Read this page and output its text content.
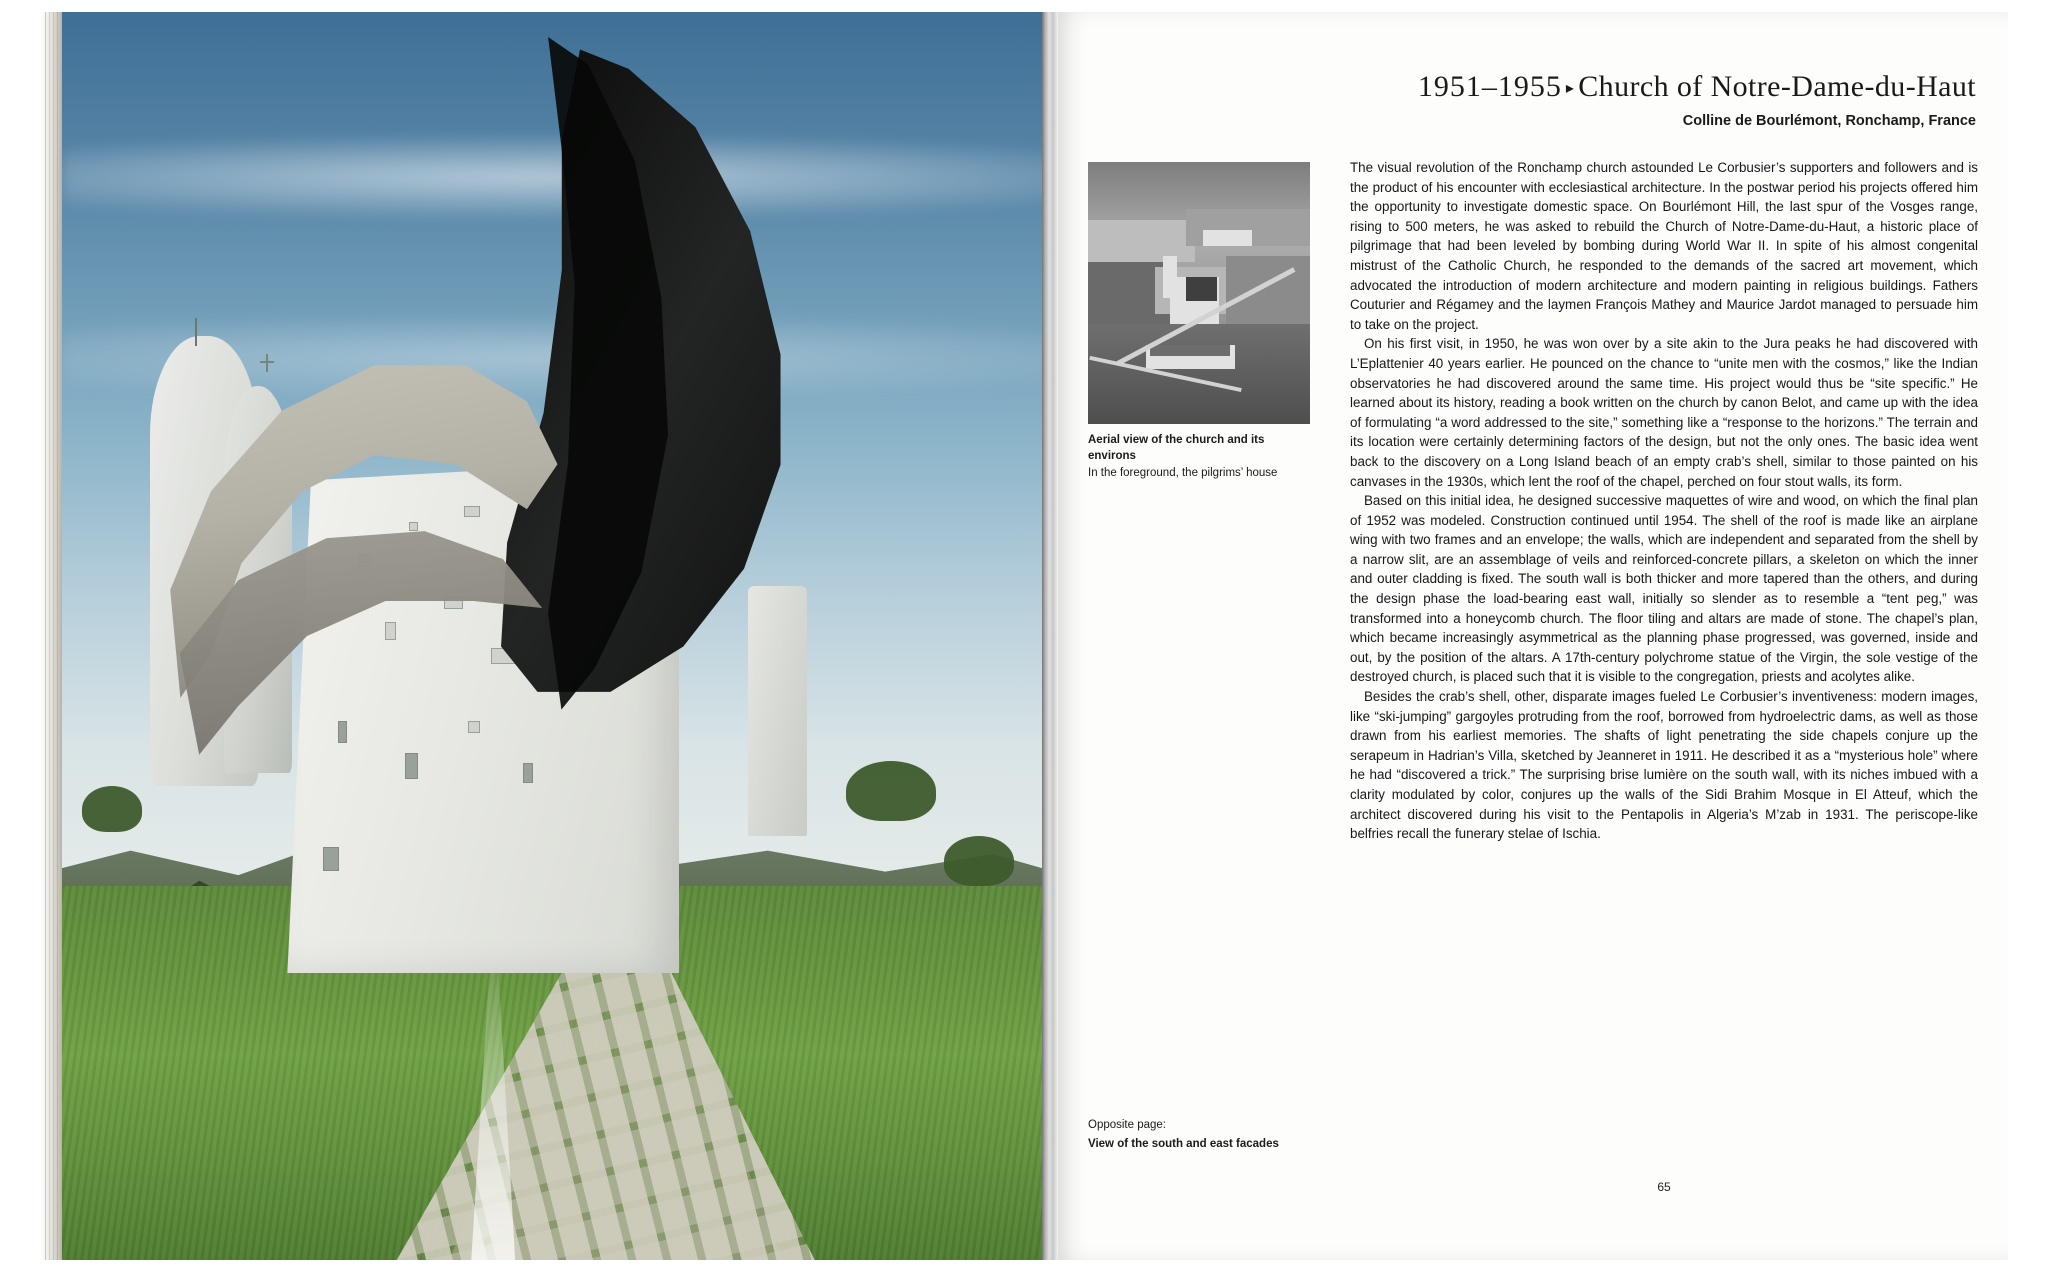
1951–1955 ▸ Church of Notre-Dame-du-Haut
Colline de Bourlémont, Ronchamp, France
Aerial view of the church and its environs
In the foreground, the pilgrims’ house
Opposite page:
View of the south and east facades

The visual revolution of the Ronchamp church astounded Le Corbusier’s supporters and followers and is the product of his encounter with ecclesiastical architecture. In the postwar period his projects offered him the opportunity to investigate domestic space. On Bourlémont Hill, the last spur of the Vosges range, rising to 500 meters, he was asked to rebuild the Church of Notre-Dame-du-Haut, a historic place of pilgrimage that had been leveled by bombing during World War II. In spite of his almost congenital mistrust of the Catholic Church, he responded to the demands of the sacred art movement, which advocated the introduction of modern architecture and modern painting in religious buildings. Fathers Couturier and Régamey and the laymen François Mathey and Maurice Jardot managed to persuade him to take on the project.

On his first visit, in 1950, he was won over by a site akin to the Jura peaks he had discovered with L’Eplattenier 40 years earlier. He pounced on the chance to “unite men with the cosmos,” like the Indian observatories he had discovered around the same time. His project would thus be “site specific.” He learned about its history, reading a book written on the church by canon Belot, and came up with the idea of formulating “a word addressed to the site,” something like a “response to the horizons.” The terrain and its location were certainly determining factors of the design, but not the only ones. The basic idea went back to the discovery on a Long Island beach of an empty crab’s shell, similar to those painted on his canvases in the 1930s, which lent the roof of the chapel, perched on four stout walls, its form.

Based on this initial idea, he designed successive maquettes of wire and wood, on which the final plan of 1952 was modeled. Construction continued until 1954. The shell of the roof is made like an airplane wing with two frames and an envelope; the walls, which are independent and separated from the shell by a narrow slit, are an assemblage of veils and reinforced-concrete pillars, a skeleton on which the inner and outer cladding is fixed. The south wall is both thicker and more tapered than the others, and during the design phase the load-bearing east wall, initially so slender as to resemble a “tent peg,” was transformed into a honeycomb church. The floor tiling and altars are made of stone. The chapel’s plan, which became increasingly asymmetrical as the planning phase progressed, was governed, inside and out, by the position of the altars. A 17th-century polychrome statue of the Virgin, the sole vestige of the destroyed church, is placed such that it is visible to the congregation, priests and acolytes alike.

Besides the crab’s shell, other, disparate images fueled Le Corbusier’s inventiveness: modern images, like “ski-jumping” gargoyles protruding from the roof, borrowed from hydroelectric dams, as well as those drawn from his earliest memories. The shafts of light penetrating the side chapels conjure up the serapeum in Hadrian’s Villa, sketched by Jeanneret in 1911. He described it as a “mysterious hole” where he had “discovered a trick.” The surprising brise lumière on the south wall, with its niches imbued with a clarity modulated by color, conjures up the walls of the Sidi Brahim Mosque in El Atteuf, which the architect discovered during his visit to the Pentapolis in Algeria’s M’zab in 1931. The periscope-like belfries recall the funerary stelae of Ischia.

65
